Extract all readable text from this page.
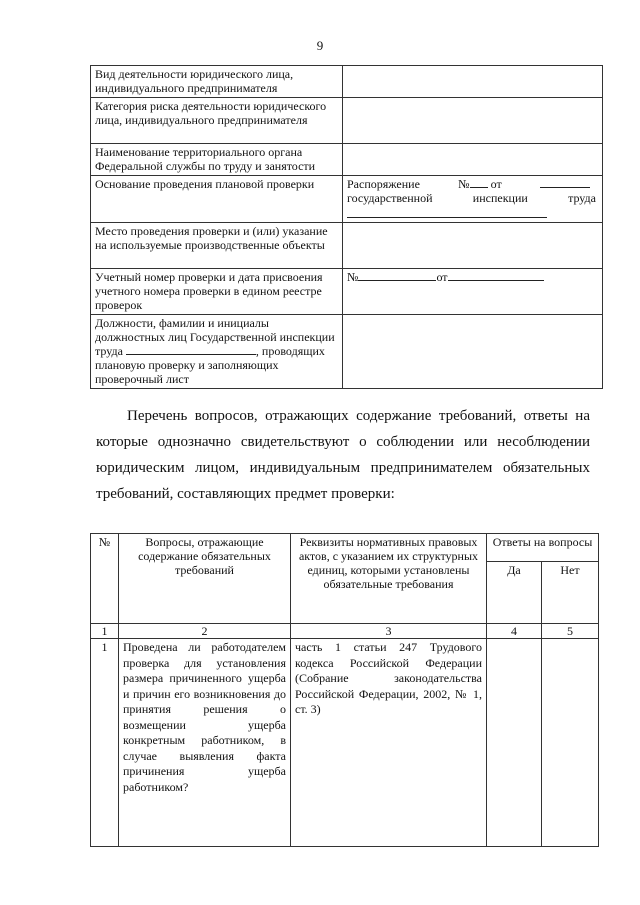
9
Вид деятельности юридического лица, индивидуального предпринимателя	
Категория риска деятельности юридического лица, индивидуального предпринимателя	
Наименование территориального органа Федеральной службы по труду и занятости	
Основание проведения плановой проверки	Распоряжение № от
государственной инспекции труда

Место проведения проверки и (или) указание на используемые производственные объекты	
Учетный номер проверки и дата присвоения учетного номера проверки в едином реестре проверок	№ от
Должности, фамилии и инициалы должностных лиц Государственной инспекции труда , проводящих плановую проверку и заполняющих проверочный лист	

Перечень вопросов, отражающих содержание требований, ответы на которые однозначно свидетельствуют о соблюдении или несоблюдении юридическим лицом, индивидуальным предпринимателем обязательных требований, составляющих предмет проверки:

№	Вопросы, отражающие содержание обязательных требований	Реквизиты нормативных правовых актов, с указанием их структурных единиц, которыми установлены обязательные требования	Ответы на вопросы	
			Да	Нет
1	2	3	4	5
1	Проведена ли работодателем проверка для установления размера причиненного ущерба и причин его возникновения до принятия решения о возмещении ущерба конкретным работником, в случае выявления факта причинения ущерба работником?	часть 1 статьи 247 Трудового кодекса Российской Федерации (Собрание законодательства Российской Федерации, 2002, № 1, ст. 3)		
